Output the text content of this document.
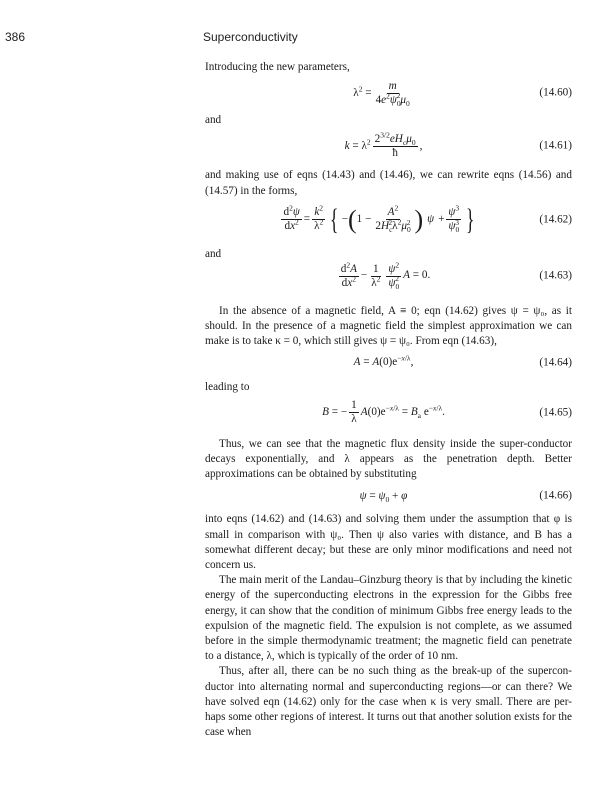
386	Superconductivity

Introducing the new parameters,

$\lambda^2 = \frac{m}{4e^2\psi_0^2\mu_0}$	(14.60)

and

$k = \lambda^2 \frac{2^{3/2}eH_c\mu_0}{ħ}$ ,	(14.61)

and making use of eqns (14.43) and (14.46), we can rewrite eqns (14.56) and (14.57) in the forms,

$\frac{d^2\psi}{dx^2} = \frac{k^2}{\lambda^2}$ { − ( $1 - \frac{A^2}{2H_c^2\lambda^2\mu_0^2}$ ) $\psi + \frac{\psi^3}{\psi_0^3}$ }	(14.62)

and

$\frac{d^2A}{dx^2} - \frac{1}{\lambda^2} \frac{\psi^2}{\psi_0^2}$ A = 0.	(14.63)

In the absence of a magnetic field, A ≡ 0; eqn (14.62) gives ψ = ψ₀, as it should. In the presence of a magnetic field the simplest approximation we can make is to take κ = 0, which still gives ψ = ψ₀. From eqn (14.63),

$A = A(0)e^{-x/\lambda}$,	(14.64)

leading to

B = − $\frac{1}{\lambda} A(0)e^{-x/\lambda} = B_a$ $e^{-x/\lambda}$.	(14.65)

Thus, we can see that the magnetic flux density inside the super-conductor decays exponentially, and λ appears as the penetration depth. Better approximations can be obtained by substituting

$\psi = \psi_0 + \varphi$	(14.66)

into eqns (14.62) and (14.63) and solving them under the assumption that φ is small in comparison with ψ₀. Then ψ also varies with distance, and B has a somewhat different decay; but these are only minor modifications and need not concern us.

The main merit of the Landau–Ginzburg theory is that by including the kinetic energy of the superconducting electrons in the expression for the Gibbs free energy, it can show that the condition of minimum Gibbs free energy leads to the expulsion of the magnetic field. The expulsion is not complete, as we assumed before in the simple thermodynamic treatment; the magnetic field can penetrate to a distance, λ, which is typically of the order of 10 nm.

Thus, after all, there can be no such thing as the break-up of the supercon-ductor into alternating normal and superconducting regions—or can there? We have solved eqn (14.62) only for the case when κ is very small. There are per-haps some other regions of interest. It turns out that another solution exists for the case when
